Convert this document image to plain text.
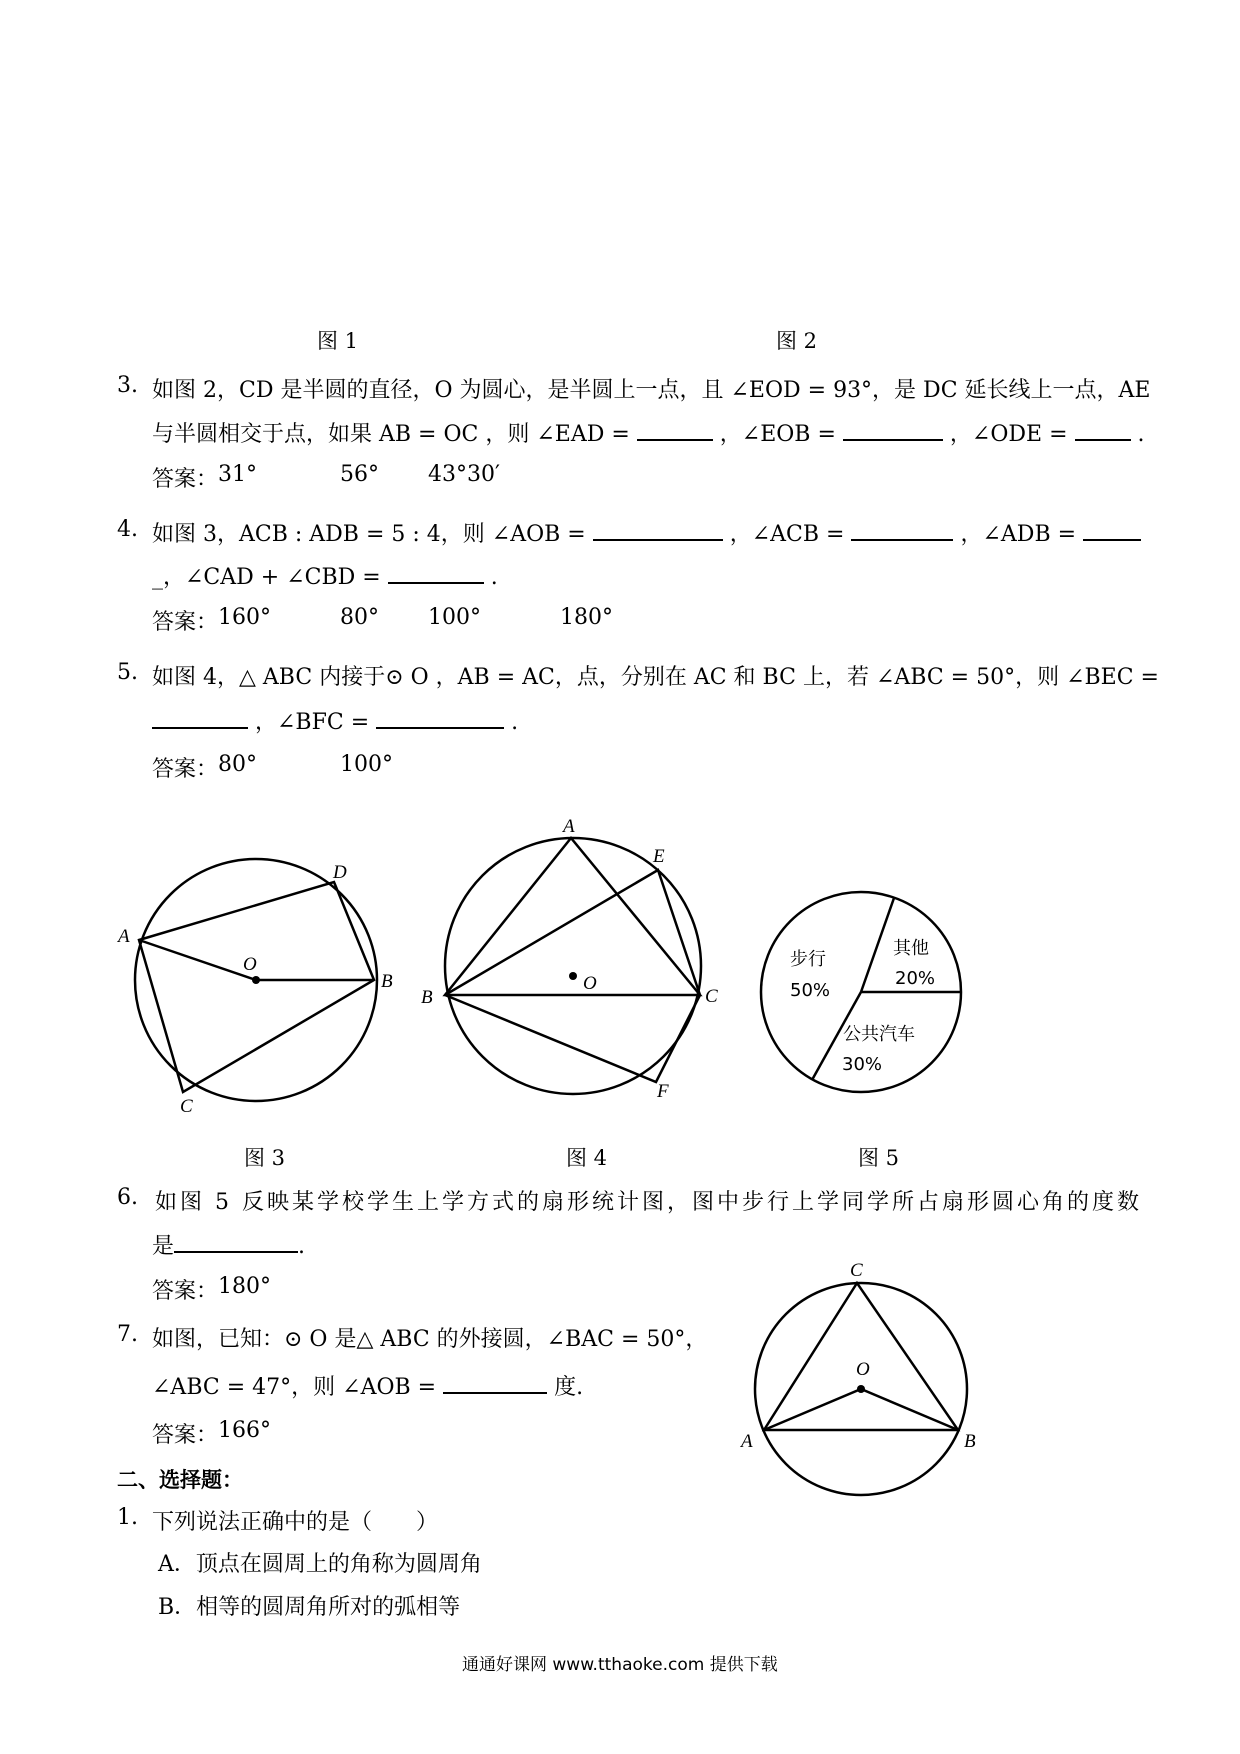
图 1	图 2
3. 如图 2，CD 是半圆的直径，O 为圆心，是半圆上一点，且 ∠EOD = 93°，是 DC 延长线上一点，AE
与半圆相交于点，如果 AB = OC ，则 ∠EAD =	，∠EOB =	，∠ODE =	.
答案： 31°	56° 43°30′
4. 如图 3，ACB : ADB = 5 : 4，则 ∠AOB =	，∠ACB =	，∠ADB =
_，∠CAD + ∠CBD =	.
答案： 160°	80° 100°	180°
5. 如图 4，△ ABC 内接于⊙ O ，AB = AC，点，分别在 AC 和 BC 上，若 ∠ABC = 50°，则 ∠BEC =
，∠BFC =	.
答案： 80°	100°
A
D
O
B
C
A
E
B
O
C
F
步行
50%
其他
20%
公共汽车
30%
图 3	图 4	图 5
6. 如图 5 反映某学校学生上学方式的扇形统计图，图中步行上学同学所占扇形圆心角的度数
是	.
答案： 180°
7. 如图，已知：⊙ O 是△ ABC 的外接圆，∠BAC = 50°，
∠ABC = 47°，则 ∠AOB =	度.
答案： 166°
C
O
A	B
二、选择题：
1. 下列说法正确中的是（　　）
A．顶点在圆周上的角称为圆周角
B．相等的圆周角所对的弧相等
通通好课网 www.tthaoke.com 提供下载
